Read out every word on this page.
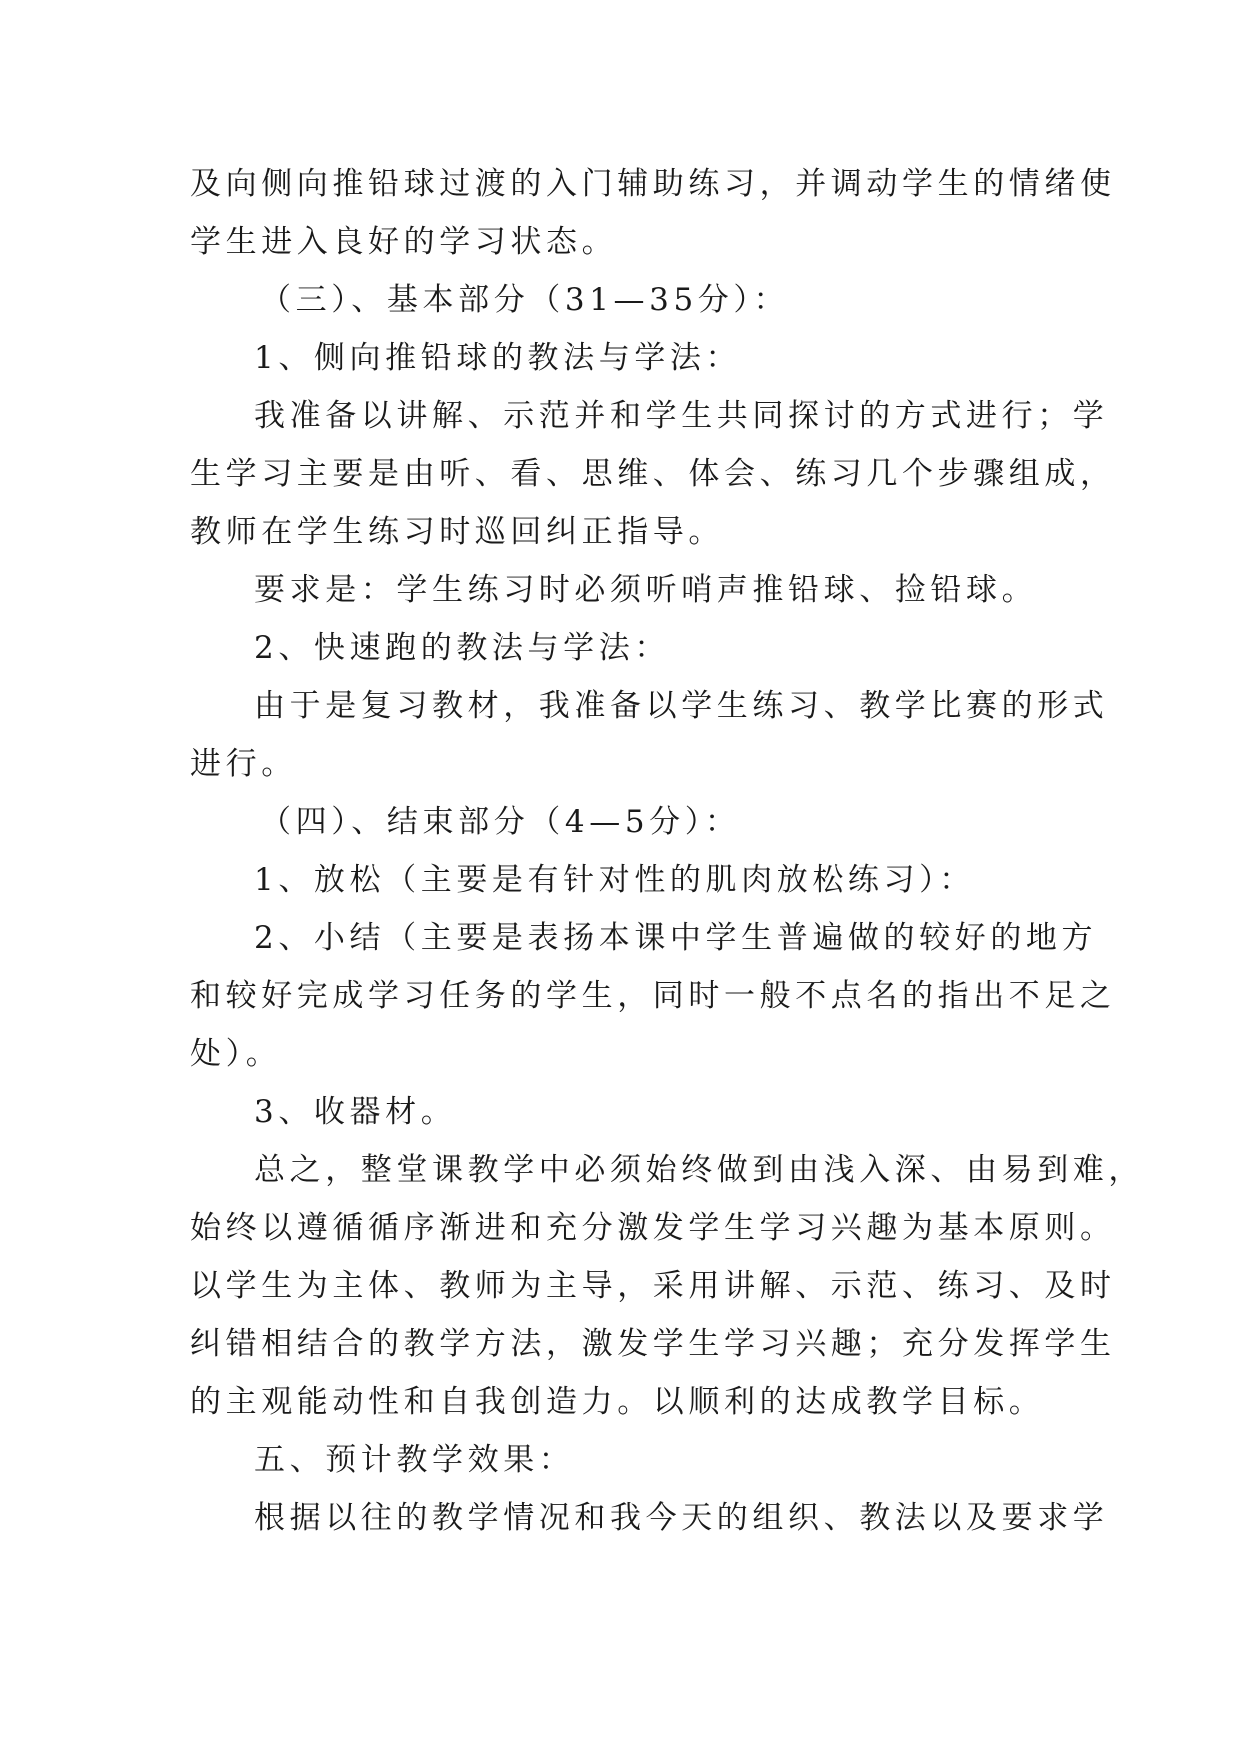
及向侧向推铅球过渡的入门辅助练习，并调动学生的情绪使
学生进入良好的学习状态。
（三）、基本部分（31—35分）：
1、侧向推铅球的教法与学法：
我准备以讲解、示范并和学生共同探讨的方式进行；学
生学习主要是由听、看、思维、体会、练习几个步骤组成，
教师在学生练习时巡回纠正指导。
要求是：学生练习时必须听哨声推铅球、捡铅球。
2、快速跑的教法与学法：
由于是复习教材，我准备以学生练习、教学比赛的形式
进行。
（四）、结束部分（4—5分）：
1、放松（主要是有针对性的肌肉放松练习）：
2、小结（主要是表扬本课中学生普遍做的较好的地方
和较好完成学习任务的学生，同时一般不点名的指出不足之
处）。
3、收器材。
总之，整堂课教学中必须始终做到由浅入深、由易到难，
始终以遵循循序渐进和充分激发学生学习兴趣为基本原则。
以学生为主体、教师为主导，采用讲解、示范、练习、及时
纠错相结合的教学方法，激发学生学习兴趣；充分发挥学生
的主观能动性和自我创造力。以顺利的达成教学目标。
五、预计教学效果：
根据以往的教学情况和我今天的组织、教法以及要求学
